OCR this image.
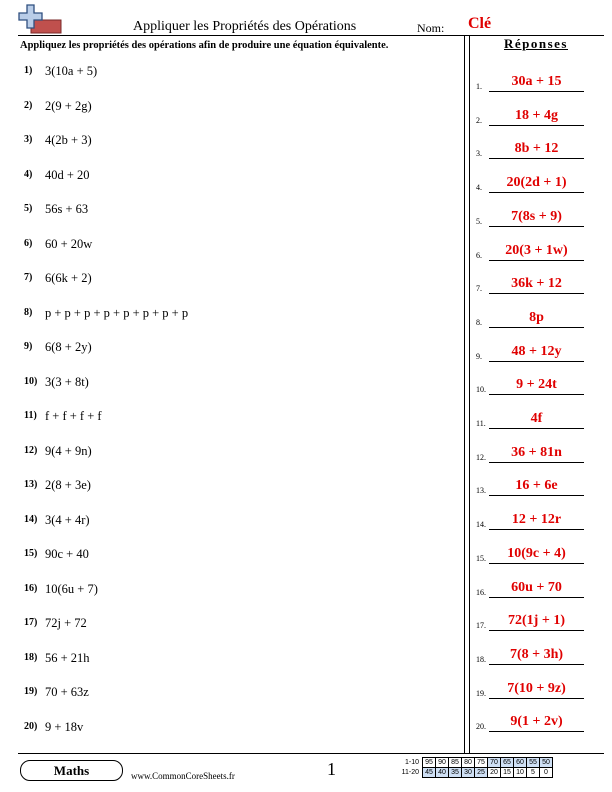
Appliquer les Propriétés des Opérations	Nom: Clé
Appliquez les propriétés des opérations afin de produire une équation équivalente.	Réponses
1) 3(10a + 5)
2) 2(9 + 2g)
3) 4(2b + 3)
4) 40d + 20
5) 56s + 63
6) 60 + 20w
7) 6(6k + 2)
8) p + p + p + p + p + p + p + p
9) 6(8 + 2y)
10) 3(3 + 8t)
11) f + f + f + f
12) 9(4 + 9n)
13) 2(8 + 3e)
14) 3(4 + 4r)
15) 90c + 40
16) 10(6u + 7)
17) 72j + 72
18) 56 + 21h
19) 70 + 63z
20) 9 + 18v
1.	30a + 15
2.	18 + 4g
3.	8b + 12
4.	20(2d + 1)
5.	7(8s + 9)
6.	20(3 + 1w)
7.	36k + 12
8.	8p
9.	48 + 12y
10.	9 + 24t
11.	4f
12.	36 + 81n
13.	16 + 6e
14.	12 + 12r
15.	10(9c + 4)
16.	60u + 70
17.	72(1j + 1)
18.	7(8 + 3h)
19.	7(10 + 9z)
20.	9(1 + 2v)
Maths	www.CommonCoreSheets.fr	1	1-10	95	90	85	80	75	70	65	60	55	50
11-20	45	40	35	30	25	20	15	10	5	0
